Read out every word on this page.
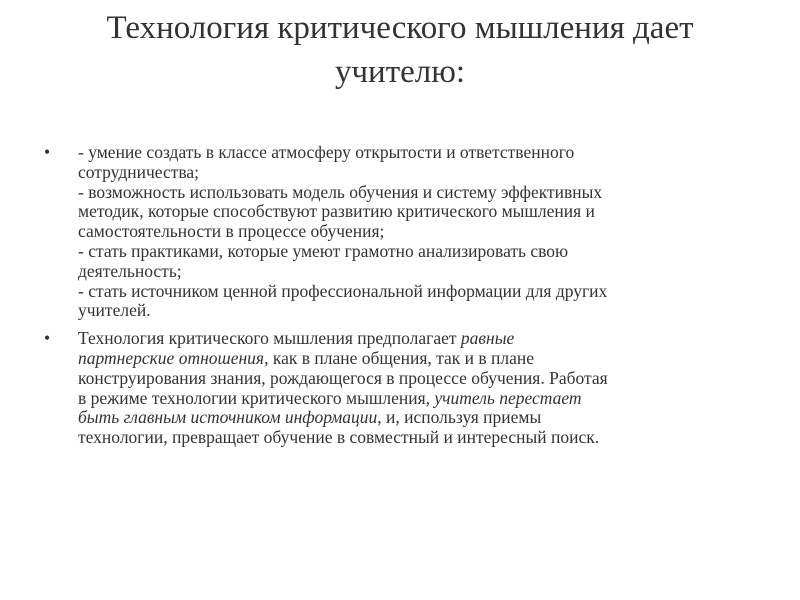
Технология критического мышления дает
учителю:
• - умение создать в классе атмосферу открытости и ответственного
сотрудничества;
- возможность использовать модель обучения и систему эффективных
методик, которые способствуют развитию критического мышления и
самостоятельности в процессе обучения;
- стать практиками, которые умеют грамотно анализировать свою
деятельность;
- стать источником ценной профессиональной информации для других
учителей.
• Технология критического мышления предполагает равные
партнерские отношения, как в плане общения, так и в плане
конструирования знания, рождающегося в процессе обучения. Работая
в режиме технологии критического мышления, учитель перестает
быть главным источником информации, и, используя приемы
технологии, превращает обучение в совместный и интересный поиск.
